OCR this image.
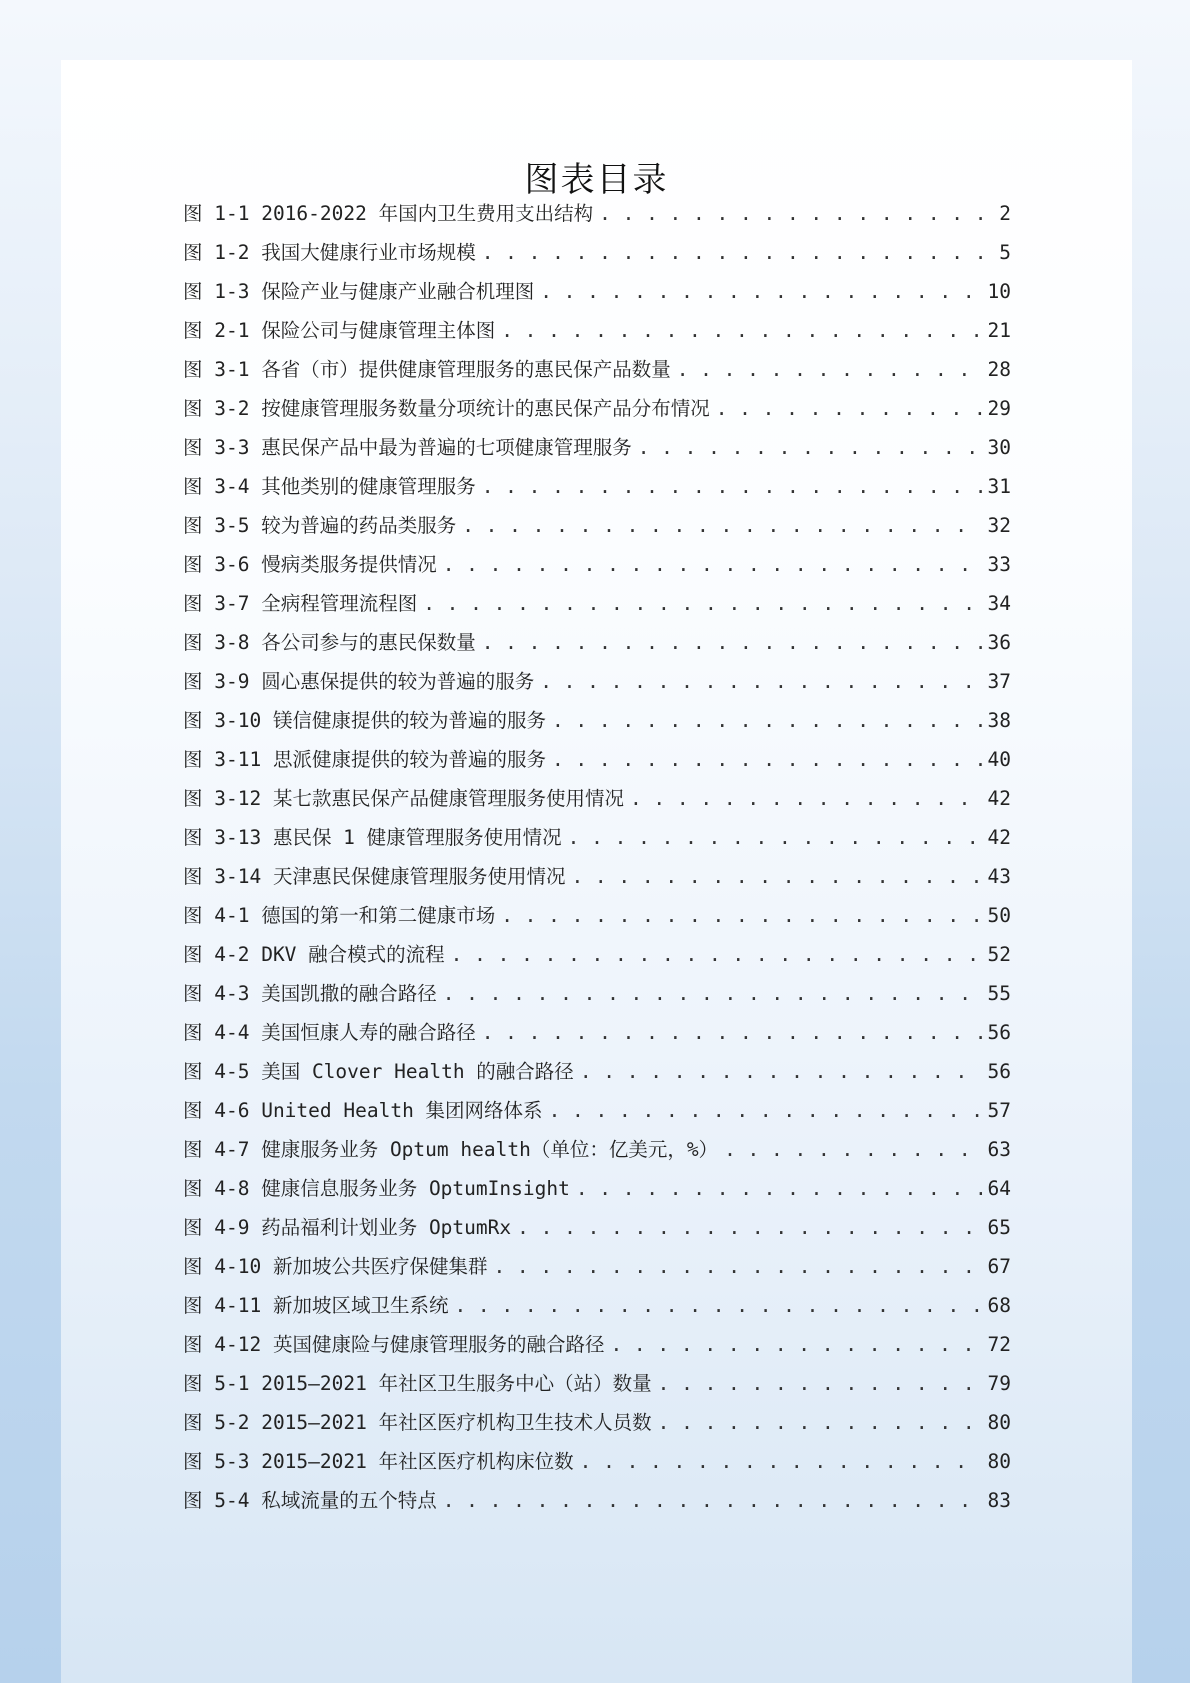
图表目录
图 1-1 2016-2022 年国内卫生费用支出结构 . . .	2
图 1-2 我国大健康行业市场规模 . . .	5
图 1-3 保险产业与健康产业融合机理图 . . .	10
图 2-1 保险公司与健康管理主体图 . . .	21
图 3-1 各省（市）提供健康管理服务的惠民保产品数量 . . .	28
图 3-2 按健康管理服务数量分项统计的惠民保产品分布情况 . . .	29
图 3-3 惠民保产品中最为普遍的七项健康管理服务 . . .	30
图 3-4 其他类别的健康管理服务 . . .	31
图 3-5 较为普遍的药品类服务 . . .	32
图 3-6 慢病类服务提供情况 . . .	33
图 3-7 全病程管理流程图 . . .	34
图 3-8 各公司参与的惠民保数量 . . .	36
图 3-9 圆心惠保提供的较为普遍的服务 . . .	37
图 3-10 镁信健康提供的较为普遍的服务 . . .	38
图 3-11 思派健康提供的较为普遍的服务 . . .	40
图 3-12 某七款惠民保产品健康管理服务使用情况 . . .	42
图 3-13 惠民保 1 健康管理服务使用情况 . . .	42
图 3-14 天津惠民保健康管理服务使用情况 . . .	43
图 4-1 德国的第一和第二健康市场 . . .	50
图 4-2 DKV 融合模式的流程 . . .	52
图 4-3 美国凯撒的融合路径 . . .	55
图 4-4 美国恒康人寿的融合路径 . . .	56
图 4-5 美国 Clover Health 的融合路径 . . .	56
图 4-6 United Health 集团网络体系 . . .	57
图 4-7 健康服务业务 Optum health（单位：亿美元，%） . . .	63
图 4-8 健康信息服务业务 OptumInsight . . .	64
图 4-9 药品福利计划业务 OptumRx . . .	65
图 4-10 新加坡公共医疗保健集群 . . .	67
图 4-11 新加坡区域卫生系统 . . .	68
图 4-12 英国健康险与健康管理服务的融合路径 . . .	72
图 5-1 2015—2021 年社区卫生服务中心（站）数量 . . .	79
图 5-2 2015—2021 年社区医疗机构卫生技术人员数 . . .	80
图 5-3 2015—2021 年社区医疗机构床位数 . . .	80
图 5-4 私域流量的五个特点 . . .	83
